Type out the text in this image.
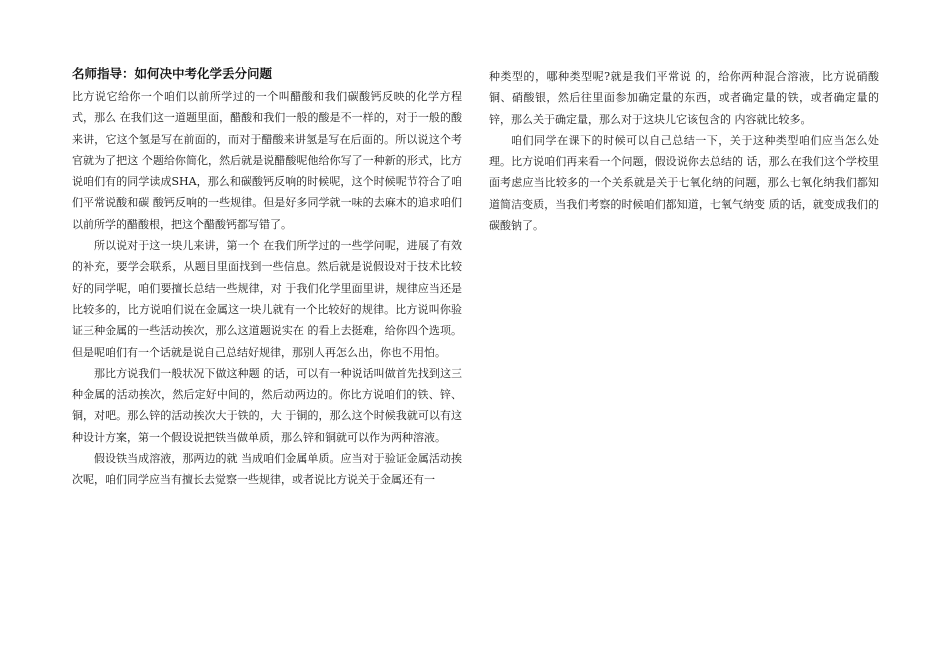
名师指导：如何决中考化学丢分问题

比方说它给你一个咱们以前所学过的一个叫醋酸和我们碳酸钙反映的化学方程式，那么 在我们这一道题里面，醋酸和我们一般的酸是不一样的，对于一般的酸来讲，它这个氢是写在前面的，而对于醋酸来讲氢是写在后面的。所以说这个考官就为了把这 个题给你简化，然后就是说醋酸呢他给你写了一种新的形式，比方说咱们有的同学读成SHA，那么和碳酸钙反响的时候呢，这个时候呢节符合了咱们平常说酸和碳 酸钙反响的一些规律。但是好多同学就一味的去麻木的追求咱们以前所学的醋酸根，把这个醋酸钙都写错了。

所以说对于这一块儿来讲，第一个 在我们所学过的一些学问呢，进展了有效的补充，要学会联系，从题目里面找到一些信息。然后就是说假设对于技术比较好的同学呢，咱们要擅长总结一些规律，对 于我们化学里面里讲，规律应当还是比较多的，比方说咱们说在金属这一块儿就有一个比较好的规律。比方说叫你验证三种金属的一些活动挨次，那么这道题说实在 的看上去挺难，给你四个选项。但是呢咱们有一个话就是说自己总结好规律，那别人再怎么出，你也不用怕。

那比方说我们一般状况下做这种题 的话，可以有一种说话叫做首先找到这三种金属的活动挨次，然后定好中间的，然后动两边的。你比方说咱们的铁、锌、铜，对吧。那么锌的活动挨次大于铁的，大 于铜的，那么这个时候我就可以有这种设计方案，第一个假设说把铁当做单质，那么锌和铜就可以作为两种溶液。

假设铁当成溶液，那两边的就 当成咱们金属单质。应当对于验证金属活动挨次呢，咱们同学应当有擅长去觉察一些规律，或者说比方说关于金属还有一

种类型的，哪种类型呢?就是我们平常说 的，给你两种混合溶液，比方说硝酸铜、硝酸银，然后往里面参加确定量的东西，或者确定量的铁，或者确定量的锌，那么关于确定量，那么对于这块儿它该包含的 内容就比较多。

咱们同学在课下的时候可以自己总结一下，关于这种类型咱们应当怎么处理。比方说咱们再来看一个问题，假设说你去总结的 话，那么在我们这个学校里面考虑应当比较多的一个关系就是关于七氧化纳的问题，那么七氧化纳我们都知道简洁变质，当我们考察的时候咱们都知道，七氧气纳变 质的话，就变成我们的碳酸钠了。
